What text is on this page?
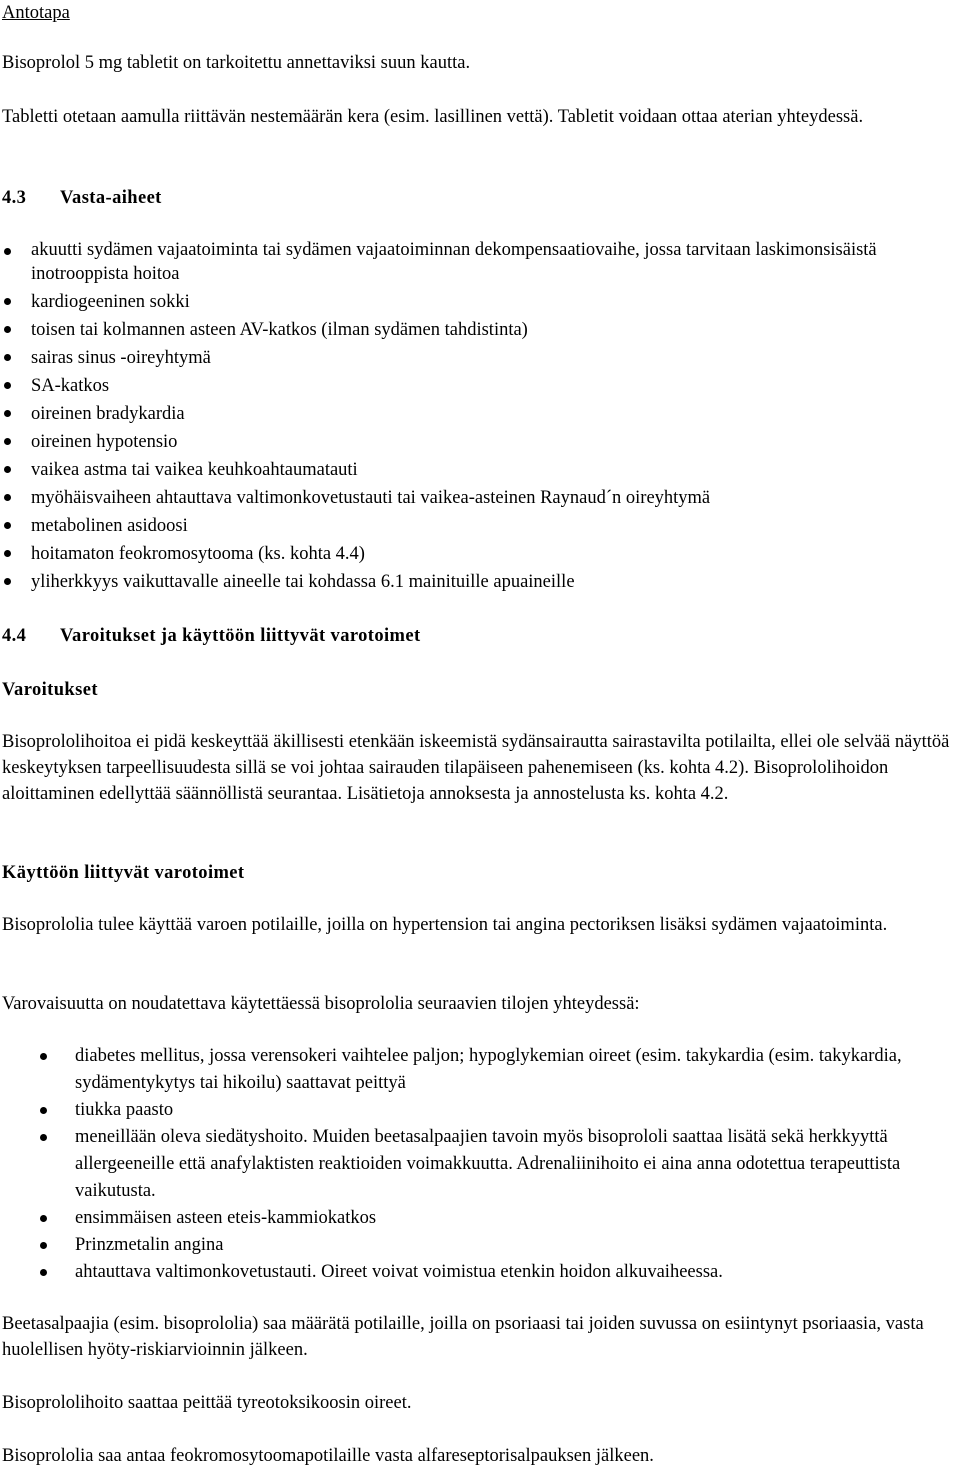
Antotapa
Bisoprolol 5 mg tabletit on tarkoitettu annettaviksi suun kautta.
Tabletti otetaan aamulla riittävän nestemäärän kera (esim. lasillinen vettä). Tabletit voidaan ottaa aterian yhteydessä.
4.3 Vasta-aiheet
akuutti sydämen vajaatoiminta tai sydämen vajaatoiminnan dekompensaatiovaihe, jossa tarvitaan laskimonsisäistä inotrooppista hoitoa
kardiogeeninen sokki
toisen tai kolmannen asteen AV-katkos (ilman sydämen tahdistinta)
sairas sinus -oireyhtymä
SA-katkos
oireinen bradykardia
oireinen hypotensio
vaikea astma tai vaikea keuhkoahtaumatauti
myöhäisvaiheen ahtauttava valtimonkovetustauti tai vaikea-asteinen Raynaud´n oireyhtymä
metabolinen asidoosi
hoitamaton feokromosytooma (ks. kohta 4.4)
yliherkkyys vaikuttavalle aineelle tai kohdassa 6.1 mainituille apuaineille
4.4 Varoitukset ja käyttöön liittyvät varotoimet
Varoitukset
Bisoprololihoitoa ei pidä keskeyttää äkillisesti etenkään iskeemistä sydänsairautta sairastavilta potilailta, ellei ole selvää näyttöä keskeytyksen tarpeellisuudesta sillä se voi johtaa sairauden tilapäiseen pahenemiseen (ks. kohta 4.2). Bisoprololihoidon aloittaminen edellyttää säännöllistä seurantaa. Lisätietoja annoksesta ja annostelusta ks. kohta 4.2.
Käyttöön liittyvät varotoimet
Bisoprololia tulee käyttää varoen potilaille, joilla on hypertension tai angina pectoriksen lisäksi sydämen vajaatoiminta.
Varovaisuutta on noudatettava käytettäessä bisoprololia seuraavien tilojen yhteydessä:
diabetes mellitus, jossa verensokeri vaihtelee paljon; hypoglykemian oireet (esim. takykardia (esim. takykardia, sydämentykytys tai hikoilu) saattavat peittyä
tiukka paasto
meneillään oleva siedätyshoito. Muiden beetasalpaajien tavoin myös bisoprololi saattaa lisätä sekä herkkyyttä allergeeneille että anafylaktisten reaktioiden voimakkuutta. Adrenaliinihoito ei aina anna odotettua terapeuttista vaikutusta.
ensimmäisen asteen eteis-kammiokatkos
Prinzmetalin angina
ahtauttava valtimonkovetustauti. Oireet voivat voimistua etenkin hoidon alkuvaiheessa.
Beetasalpaajia (esim. bisoprololia) saa määrätä potilaille, joilla on psoriaasi tai joiden suvussa on esiintynyt psoriaasia, vasta huolellisen hyöty-riskiarvioinnin jälkeen.
Bisoprololihoito saattaa peittää tyreotoksikoosin oireet.
Bisoprololia saa antaa feokromosytoomapotilaille vasta alfareseptorisalpauksen jälkeen.
